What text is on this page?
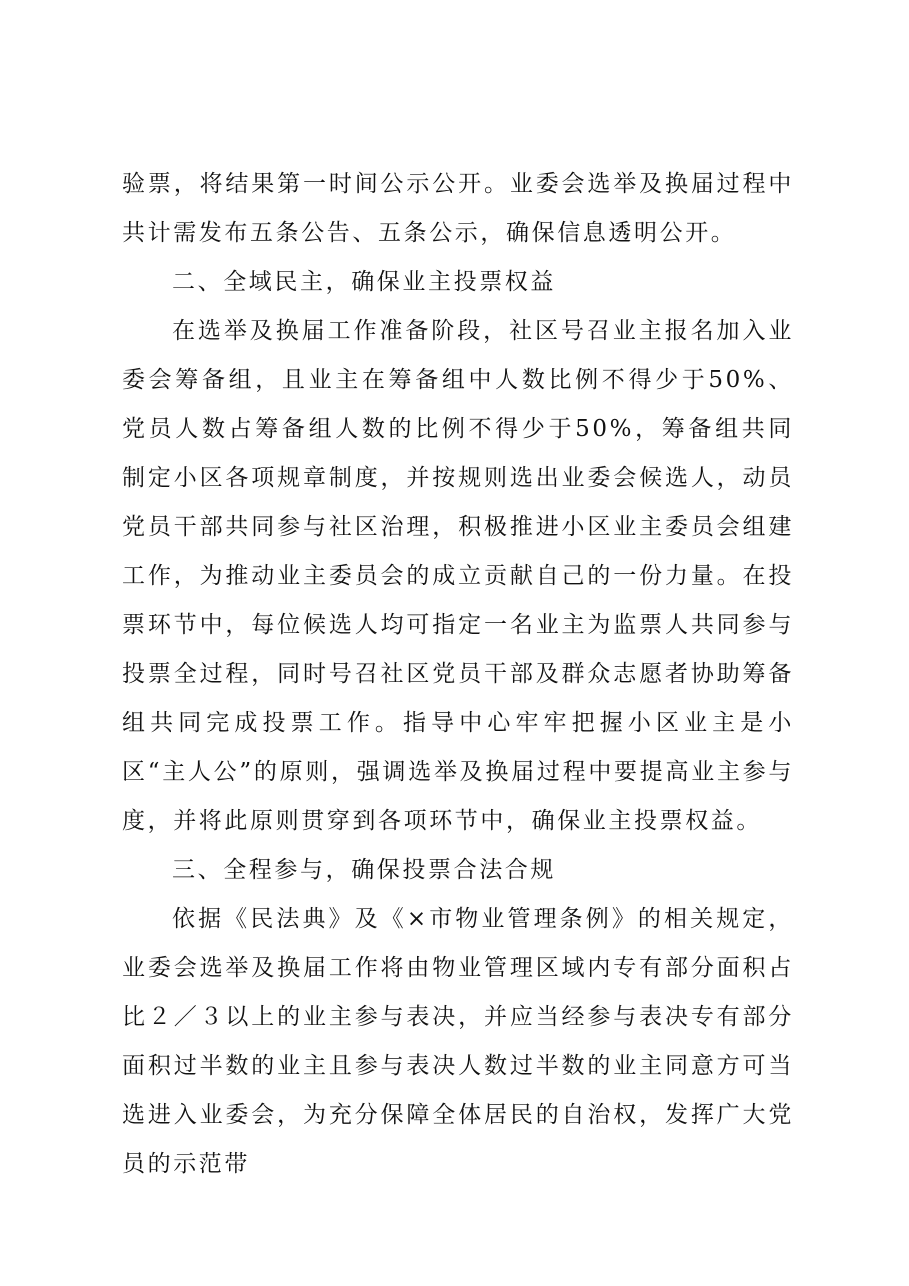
验票，将结果第一时间公示公开。业委会选举及换届过程中共计需发布五条公告、五条公示，确保信息透明公开。

二、全域民主，确保业主投票权益

在选举及换届工作准备阶段，社区号召业主报名加入业委会筹备组，且业主在筹备组中人数比例不得少于50%、党员人数占筹备组人数的比例不得少于50%，筹备组共同制定小区各项规章制度，并按规则选出业委会候选人，动员党员干部共同参与社区治理，积极推进小区业主委员会组建工作，为推动业主委员会的成立贡献自己的一份力量。在投票环节中，每位候选人均可指定一名业主为监票人共同参与投票全过程，同时号召社区党员干部及群众志愿者协助筹备组共同完成投票工作。指导中心牢牢把握小区业主是小区“主人公”的原则，强调选举及换届过程中要提高业主参与度，并将此原则贯穿到各项环节中，确保业主投票权益。

三、全程参与，确保投票合法合规

依据《民法典》及《×市物业管理条例》的相关规定，业委会选举及换届工作将由物业管理区域内专有部分面积占比２／３以上的业主参与表决，并应当经参与表决专有部分面积过半数的业主且参与表决人数过半数的业主同意方可当选进入业委会，为充分保障全体居民的自治权，发挥广大党员的示范带
